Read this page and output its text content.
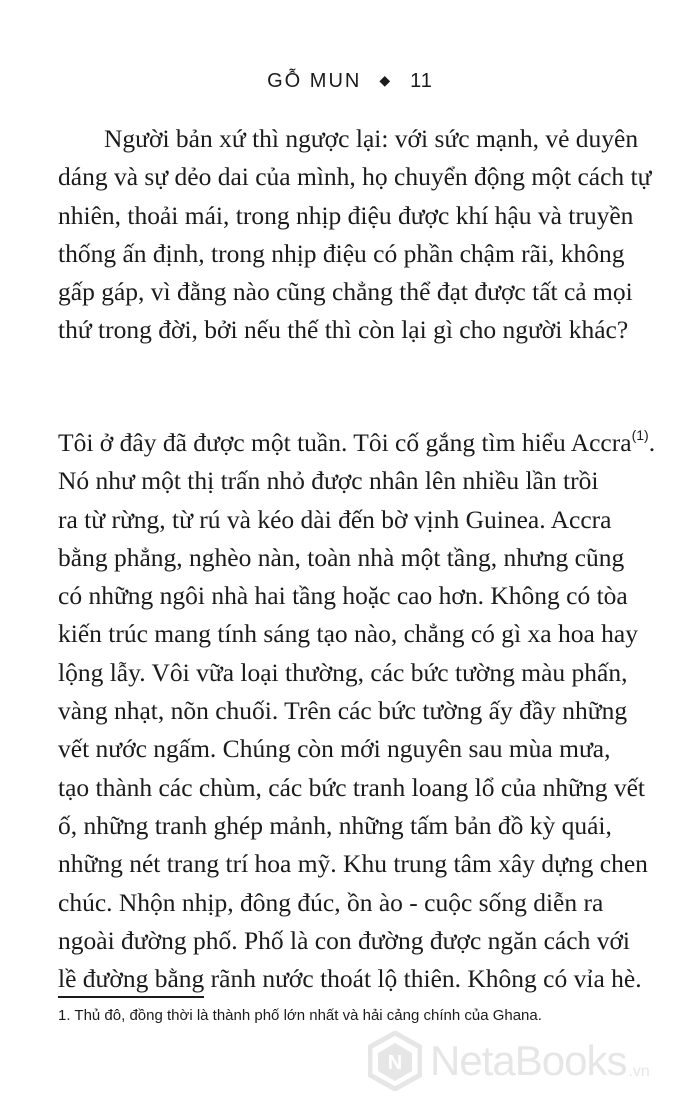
GỖ MUN ◆ 11

Người bản xứ thì ngược lại: với sức mạnh, vẻ duyên
dáng và sự dẻo dai của mình, họ chuyển động một cách tự
nhiên, thoải mái, trong nhịp điệu được khí hậu và truyền
thống ấn định, trong nhịp điệu có phần chậm rãi, không
gấp gáp, vì đằng nào cũng chẳng thể đạt được tất cả mọi
thứ trong đời, bởi nếu thế thì còn lại gì cho người khác?

Tôi ở đây đã được một tuần. Tôi cố gắng tìm hiểu Accra$^{(1)}$.
Nó như một thị trấn nhỏ được nhân lên nhiều lần trồi
ra từ rừng, từ rú và kéo dài đến bờ vịnh Guinea. Accra
bằng phẳng, nghèo nàn, toàn nhà một tầng, nhưng cũng
có những ngôi nhà hai tầng hoặc cao hơn. Không có tòa
kiến trúc mang tính sáng tạo nào, chẳng có gì xa hoa hay
lộng lẫy. Vôi vữa loại thường, các bức tường màu phấn,
vàng nhạt, nõn chuối. Trên các bức tường ấy đầy những
vết nước ngấm. Chúng còn mới nguyên sau mùa mưa,
tạo thành các chùm, các bức tranh loang lổ của những vết
ố, những tranh ghép mảnh, những tấm bản đồ kỳ quái,
những nét trang trí hoa mỹ. Khu trung tâm xây dựng chen
chúc. Nhộn nhịp, đông đúc, ồn ào - cuộc sống diễn ra
ngoài đường phố. Phố là con đường được ngăn cách với
lề đường bằng rãnh nước thoát lộ thiên. Không có vỉa hè.

1. Thủ đô, đồng thời là thành phố lớn nhất và hải cảng chính của Ghana.
N NetaBooks .vn
